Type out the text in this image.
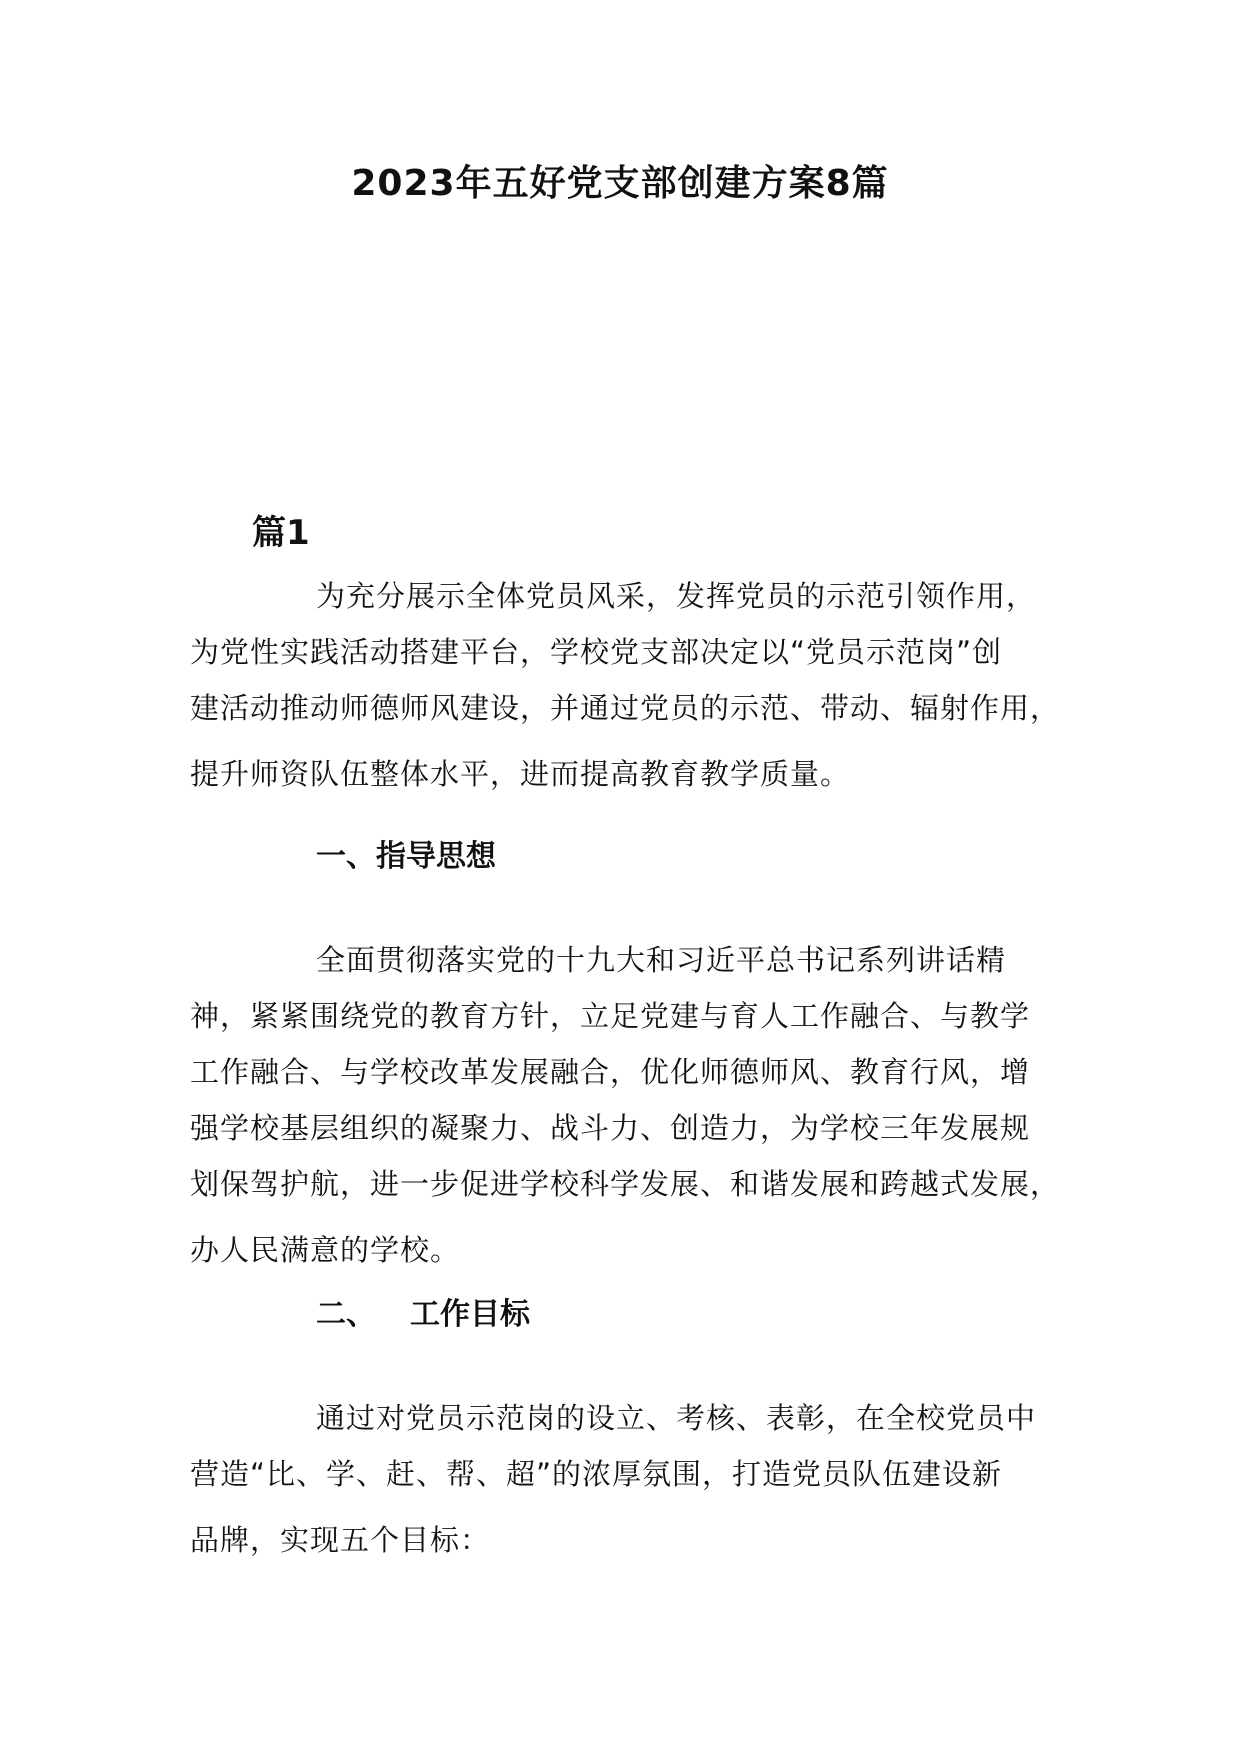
2023年五好党支部创建方案8篇
篇1
为充分展示全体党员风采，发挥党员的示范引领作用，
为党性实践活动搭建平台，学校党支部决定以“党员示范岗”创
建活动推动师德师风建设，并通过党员的示范、带动、辐射作用，
提升师资队伍整体水平，进而提高教育教学质量。
一、指导思想
全面贯彻落实党的十九大和习近平总书记系列讲话精
神，紧紧围绕党的教育方针，立足党建与育人工作融合、与教学
工作融合、与学校改革发展融合，优化师德师风、教育行风，增
强学校基层组织的凝聚力、战斗力、创造力，为学校三年发展规
划保驾护航，进一步促进学校科学发展、和谐发展和跨越式发展，
办人民满意的学校。
二、 工作目标
通过对党员示范岗的设立、考核、表彰，在全校党员中
营造“比、学、赶、帮、超”的浓厚氛围，打造党员队伍建设新
品牌，实现五个目标：
